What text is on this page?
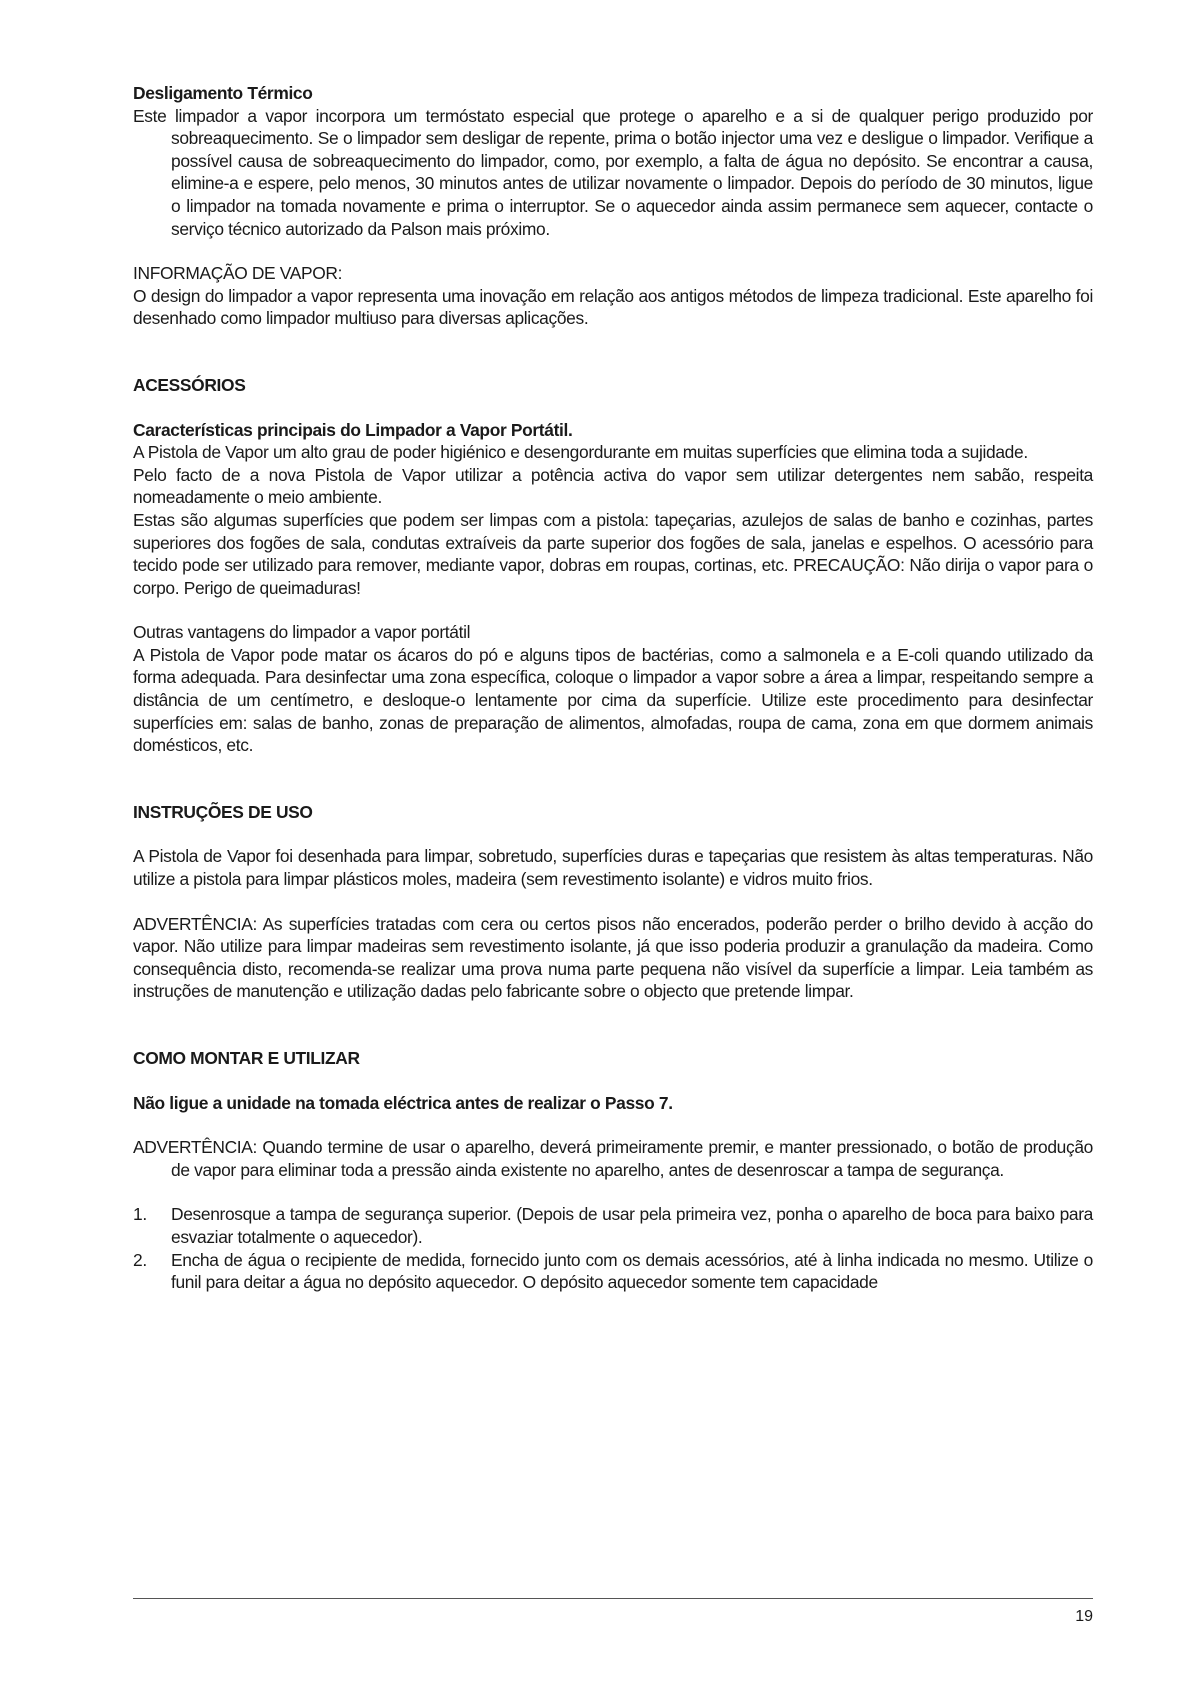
Desligamento Térmico

Este limpador a vapor incorpora um termóstato especial que protege o aparelho e a si de qualquer perigo produzido por sobreaquecimento. Se o limpador sem desligar de repente, prima o botão injector uma vez e desligue o limpador. Verifique a possível causa de sobreaquecimento do limpador, como, por exemplo, a falta de água no depósito. Se encontrar a causa, elimine-a e espere, pelo menos, 30 minutos antes de utilizar novamente o limpador. Depois do período de 30 minutos, ligue o limpador na tomada novamente e prima o interruptor. Se o aquecedor ainda assim permanece sem aquecer, contacte o serviço técnico autorizado da Palson mais próximo.

INFORMAÇÃO DE VAPOR:

O design do limpador a vapor representa uma inovação em relação aos antigos métodos de limpeza tradicional. Este aparelho foi desenhado como limpador multiuso para diversas aplicações.

ACESSÓRIOS

Características principais do Limpador a Vapor Portátil.

A Pistola de Vapor um alto grau de poder higiénico e desengordurante em muitas superfícies que elimina toda a sujidade.

Pelo facto de a nova Pistola de Vapor utilizar a potência activa do vapor sem utilizar detergentes nem sabão, respeita nomeadamente o meio ambiente.

Estas são algumas superfícies que podem ser limpas com a pistola: tapeçarias, azulejos de salas de banho e cozinhas, partes superiores dos fogões de sala, condutas extraíveis da parte superior dos fogões de sala, janelas e espelhos. O acessório para tecido pode ser utilizado para remover, mediante vapor, dobras em roupas, cortinas, etc. PRECAUÇÃO: Não dirija o vapor para o corpo. Perigo de queimaduras!

Outras vantagens do limpador a vapor portátil

A Pistola de Vapor pode matar os ácaros do pó e alguns tipos de bactérias, como a salmonela e a E-coli quando utilizado da forma adequada. Para desinfectar uma zona específica, coloque o limpador a vapor sobre a área a limpar, respeitando sempre a distância de um centímetro, e desloque-o lentamente por cima da superfície. Utilize este procedimento para desinfectar superfícies em: salas de banho, zonas de preparação de alimentos, almofadas, roupa de cama, zona em que dormem animais domésticos, etc.

INSTRUÇÕES DE USO

A Pistola de Vapor foi desenhada para limpar, sobretudo, superfícies duras e tapeçarias que resistem às altas temperaturas. Não utilize a pistola para limpar plásticos moles, madeira (sem revestimento isolante) e vidros muito frios.

ADVERTÊNCIA: As superfícies tratadas com cera ou certos pisos não encerados, poderão perder o brilho devido à acção do vapor. Não utilize para limpar madeiras sem revestimento isolante, já que isso poderia produzir a granulação da madeira. Como consequência disto, recomenda-se realizar uma prova numa parte pequena não visível da superfície a limpar. Leia também as instruções de manutenção e utilização dadas pelo fabricante sobre o objecto que pretende limpar.

COMO MONTAR E UTILIZAR

Não ligue a unidade na tomada eléctrica antes de realizar o Passo 7.

ADVERTÊNCIA: Quando termine de usar o aparelho, deverá primeiramente premir, e manter pressionado, o botão de produção de vapor para eliminar toda a pressão ainda existente no aparelho, antes de desenroscar a tampa de segurança.

1. Desenrosque a tampa de segurança superior. (Depois de usar pela primeira vez, ponha o aparelho de boca para baixo para esvaziar totalmente o aquecedor).
2. Encha de água o recipiente de medida, fornecido junto com os demais acessórios, até à linha indicada no mesmo. Utilize o funil para deitar a água no depósito aquecedor. O depósito aquecedor somente tem capacidade
19
